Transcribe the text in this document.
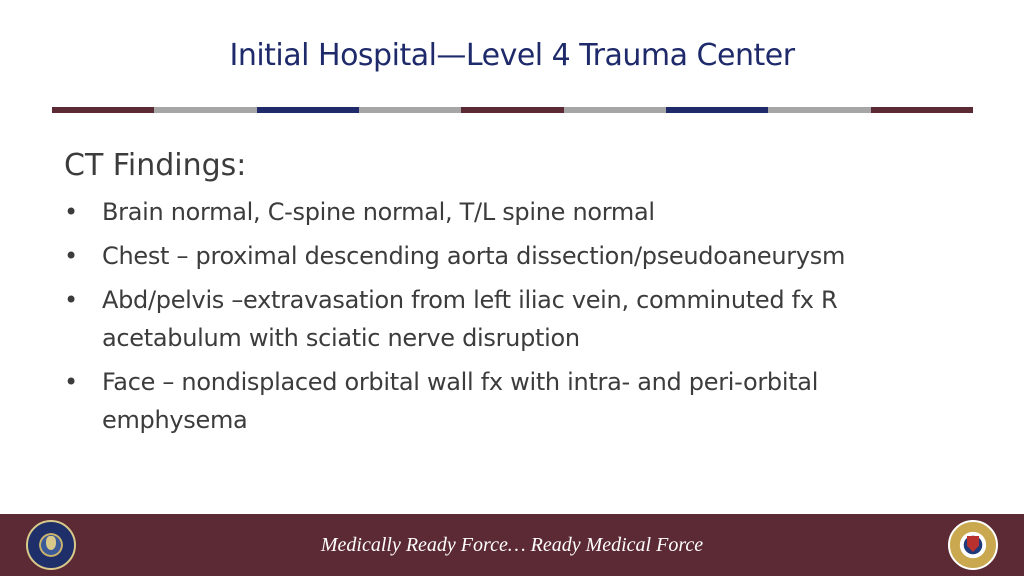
Initial Hospital—Level 4 Trauma Center
CT Findings:
• Brain normal, C-spine normal, T/L spine normal
• Chest – proximal descending aorta dissection/pseudoaneurysm
• Abd/pelvis –extravasation from left iliac vein, comminuted fx R acetabulum with sciatic nerve disruption
• Face – nondisplaced orbital wall fx with intra- and peri-orbital emphysema
Medically Ready Force… Ready Medical Force
